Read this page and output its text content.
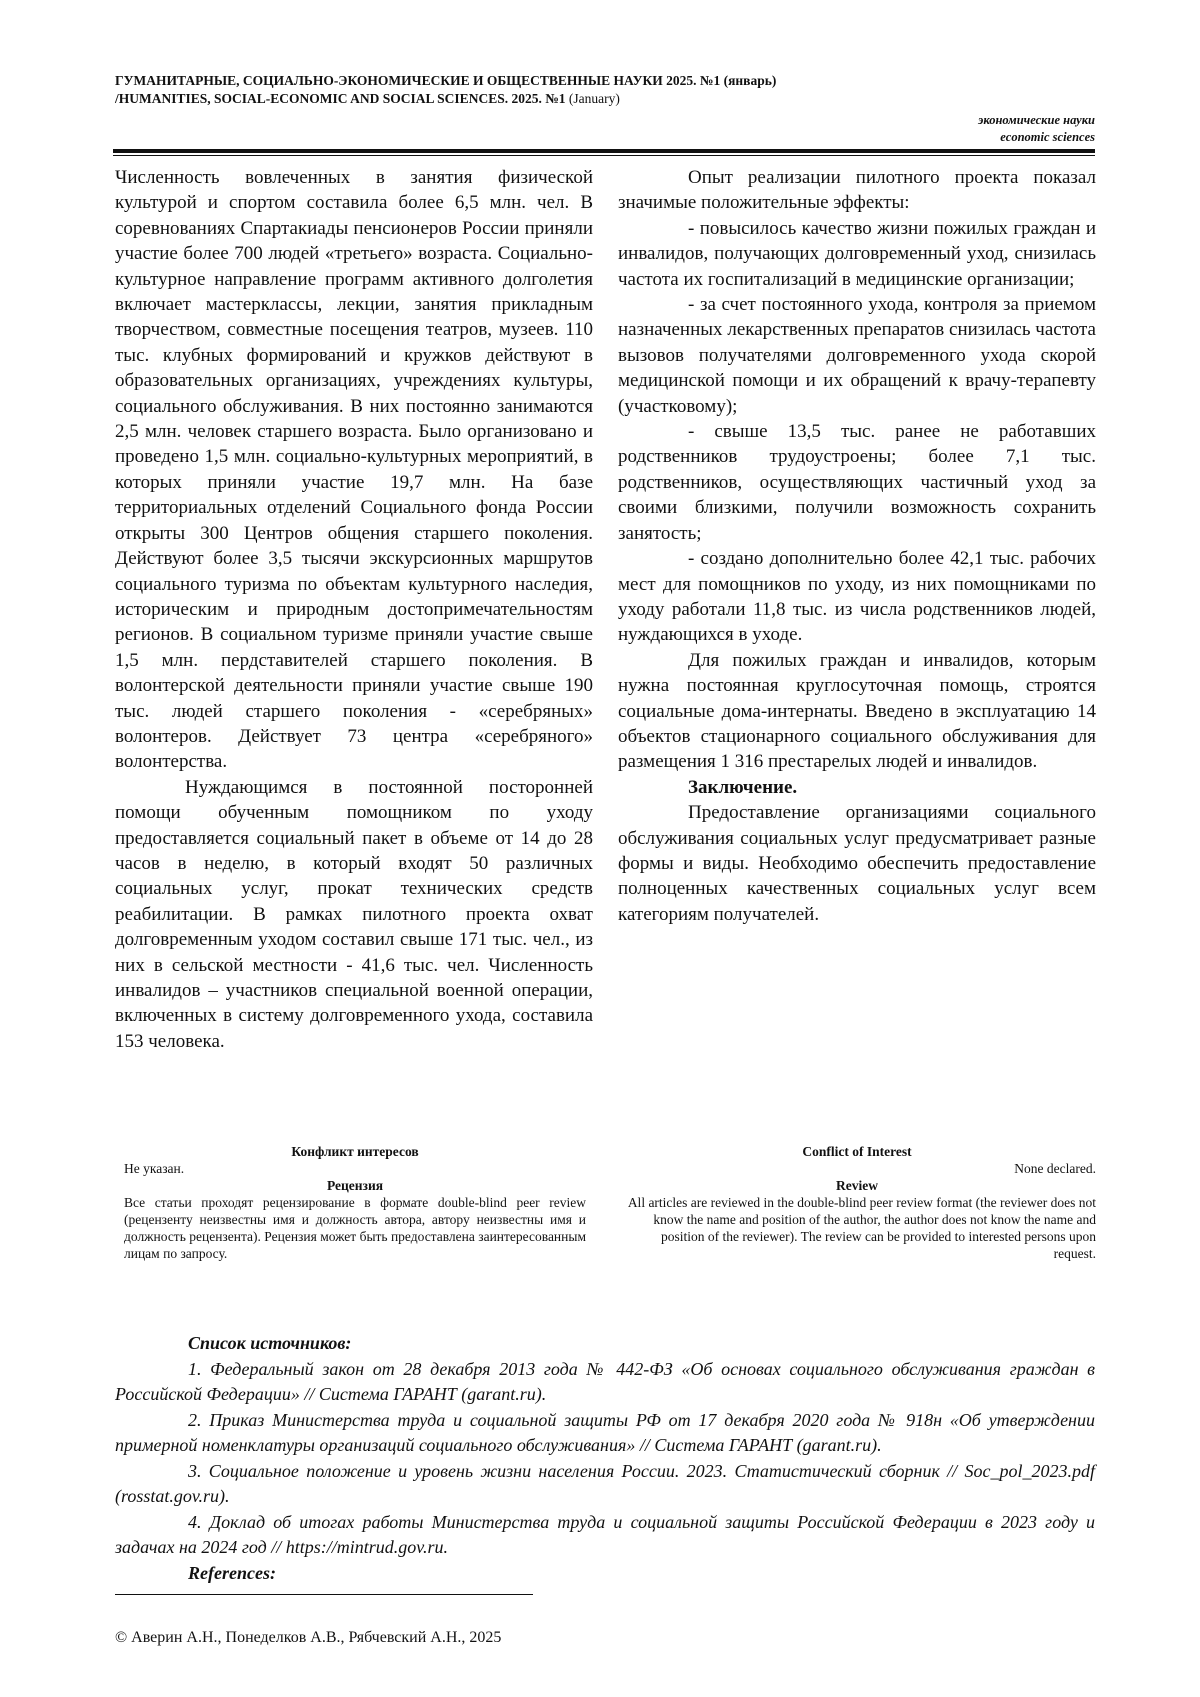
ГУМАНИТАРНЫЕ, СОЦИАЛЬНО-ЭКОНОМИЧЕСКИЕ И ОБЩЕСТВЕННЫЕ НАУКИ 2025. №1 (январь)
/HUMANITIES, SOCIAL-ECONOMIC AND SOCIAL SCIENCES. 2025. №1 (January)
экономические науки
economic sciences

Численность вовлеченных в занятия физической культурой и спортом составила более 6,5 млн. чел. В соревнованиях Спартакиады пенсионеров России приняли участие более 700 людей «третьего» возраста. Социально-культурное направление программ активного долголетия включает мастерклассы, лекции, занятия прикладным творчеством, совместные посещения театров, музеев. 110 тыс. клубных формирований и кружков действуют в образовательных организациях, учреждениях культуры, социального обслуживания. В них постоянно занимаются 2,5 млн. человек старшего возраста. Было организовано и проведено 1,5 млн. социально-культурных мероприятий, в которых приняли участие 19,7 млн. На базе территориальных отделений Социального фонда России открыты 300 Центров общения старшего поколения. Действуют более 3,5 тысячи экскурсионных маршрутов социального туризма по объектам культурного наследия, историческим и природным достопримечательностям регионов. В социальном туризме приняли участие свыше 1,5 млн. пердставителей старшего поколения. В волонтерской деятельности приняли участие свыше 190 тыс. людей старшего поколения - «серебряных» волонтеров. Действует 73 центра «серебряного» волонтерства.

Нуждающимся в постоянной посторонней помощи обученным помощником по уходу предоставляется социальный пакет в объеме от 14 до 28 часов в неделю, в который входят 50 различных социальных услуг, прокат технических средств реабилитации. В рамках пилотного проекта охват долговременным уходом составил свыше 171 тыс. чел., из них в сельской местности - 41,6 тыс. чел. Численность инвалидов – участников специальной военной операции, включенных в систему долговременного ухода, составила 153 человека.

Опыт реализации пилотного проекта показал значимые положительные эффекты:

- повысилось качество жизни пожилых граждан и инвалидов, получающих долговременный уход, снизилась частота их госпитализаций в медицинские организации;

- за счет постоянного ухода, контроля за приемом назначенных лекарственных препаратов снизилась частота вызовов получателями долговременного ухода скорой медицинской помощи и их обращений к врачу-терапевту (участковому);

- свыше 13,5 тыс. ранее не работавших родственников трудоустроены; более 7,1 тыс. родственников, осуществляющих частичный уход за своими близкими, получили возможность сохранить занятость;

- создано дополнительно более 42,1 тыс. рабочих мест для помощников по уходу, из них помощниками по уходу работали 11,8 тыс. из числа родственников людей, нуждающихся в уходе.

Для пожилых граждан и инвалидов, которым нужна постоянная круглосуточная помощь, строятся социальные дома-интернаты. Введено в эксплуатацию 14 объектов стационарного социального обслуживания для размещения 1 316 престарелых людей и инвалидов.

Заключение.

Предоставление организациями социального обслуживания социальных услуг предусматривает разные формы и виды. Необходимо обеспечить предоставление полноценных качественных социальных услуг всем категориям получателей.

Конфликт интересов

Не указан.

Рецензия

Все статьи проходят рецензирование в формате double-blind peer review (рецензенту неизвестны имя и должность автора, автору неизвестны имя и должность рецензента). Рецензия может быть предоставлена заинтересованным лицам по запросу.

Conflict of Interest

None declared.

Review

All articles are reviewed in the double-blind peer review format (the reviewer does not know the name and position of the author, the author does not know the name and position of the reviewer). The review can be provided to interested persons upon request.

Список источников:

1. Федеральный закон от 28 декабря 2013 года № 442-ФЗ «Об основах социального обслуживания граждан в Российской Федерации» // Система ГАРАНТ (garant.ru).

2. Приказ Министерства труда и социальной защиты РФ от 17 декабря 2020 года № 918н «Об утверждении примерной номенклатуры организаций социального обслуживания» // Система ГАРАНТ (garant.ru).

3. Социальное положение и уровень жизни населения России. 2023. Статистический сборник // Soc_pol_2023.pdf (rosstat.gov.ru).

4. Доклад об итогах работы Министерства труда и социальной защиты Российской Федерации в 2023 году и задачах на 2024 год // https://mintrud.gov.ru.

References:

© Аверин А.Н., Понеделков А.В., Рябчевский А.Н., 2025
